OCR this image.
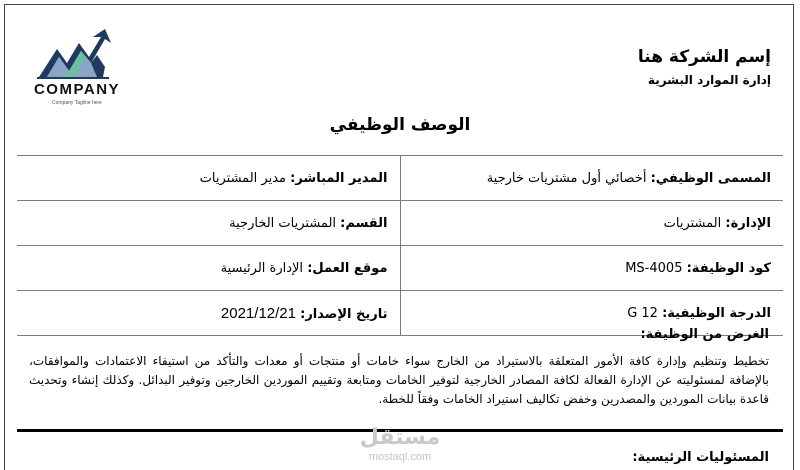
COMPANY
Company Tagline here
إسم الشركة هنا
إدارة الموارد البشرية
الوصف الوظيفي
المسمى الوظيفي: أخصائي أول مشتريات خارجية	المدير المباشر: مدير المشتريات
الإدارة: المشتريات	القسم: المشتريات الخارجية
كود الوظيفة: MS-4005	موقع العمل: الإدارة الرئيسية
الدرجة الوظيفية: G 12	تاريخ الإصدار: 2021/12/21
الغرض من الوظيفة:
تخطيط وتنظيم وإدارة كافة الأمور المتعلقة بالاستيراد من الخارج سواء خامات أو منتجات أو معدات والتأكد من استيفاء الاعتمادات والموافقات، بالإضافة لمسئوليته عن الإدارة الفعالة لكافة المصادر الخارجية لتوفير الخامات ومتابعة وتقييم الموردين الخارجين وتوفير البدائل. وكذلك إنشاء وتحديث قاعدة بيانات الموردين والمصدرين وخفض تكاليف استيراد الخامات وفقاً للخطة.
مستقل
mostaql.com	المسئوليات الرئيسية:
